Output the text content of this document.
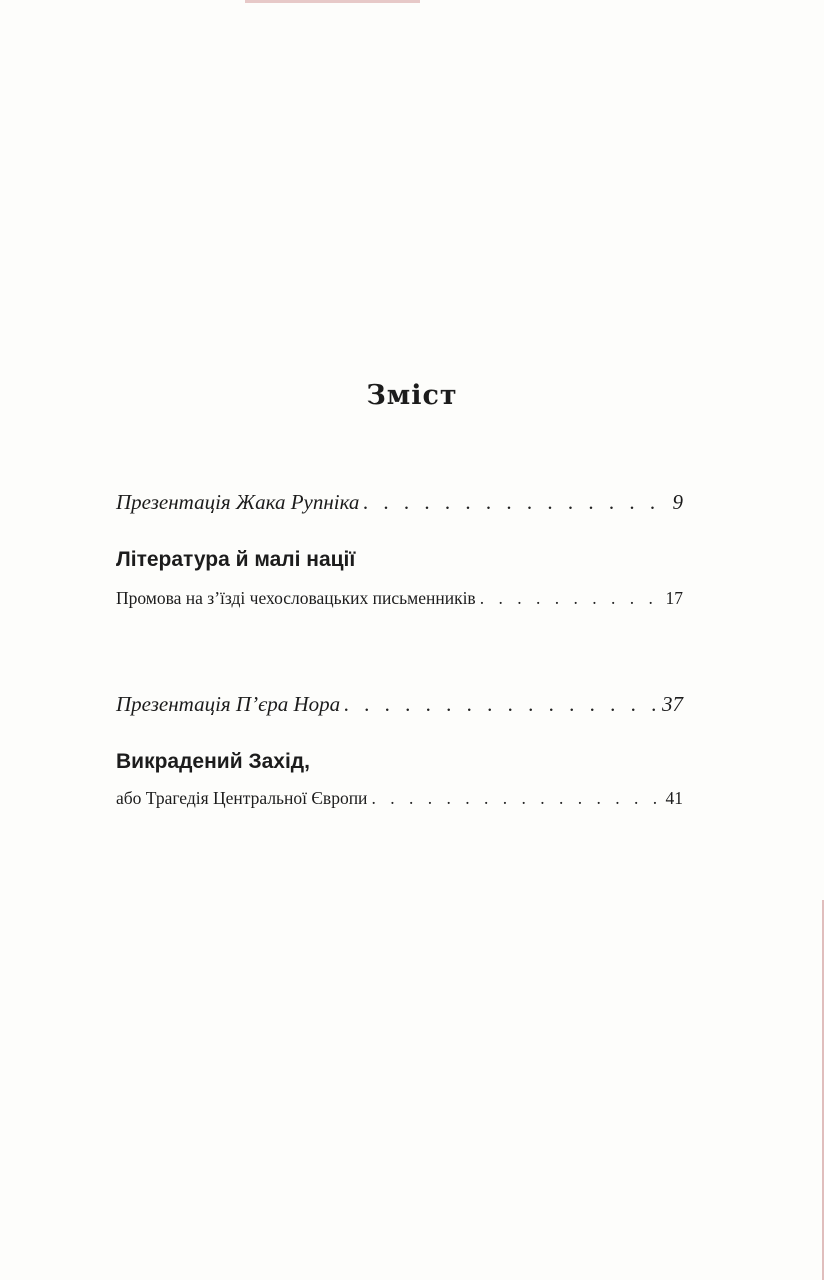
Зміст
Презентація Жака Рупніка . . .	9
Література й малі нації
Промова на з’їзді чехословацьких письменників . . .	17
Презентація П’єра Нора . . .	37
Викрадений Захід,
або Трагедія Центральної Європи . . .	41
